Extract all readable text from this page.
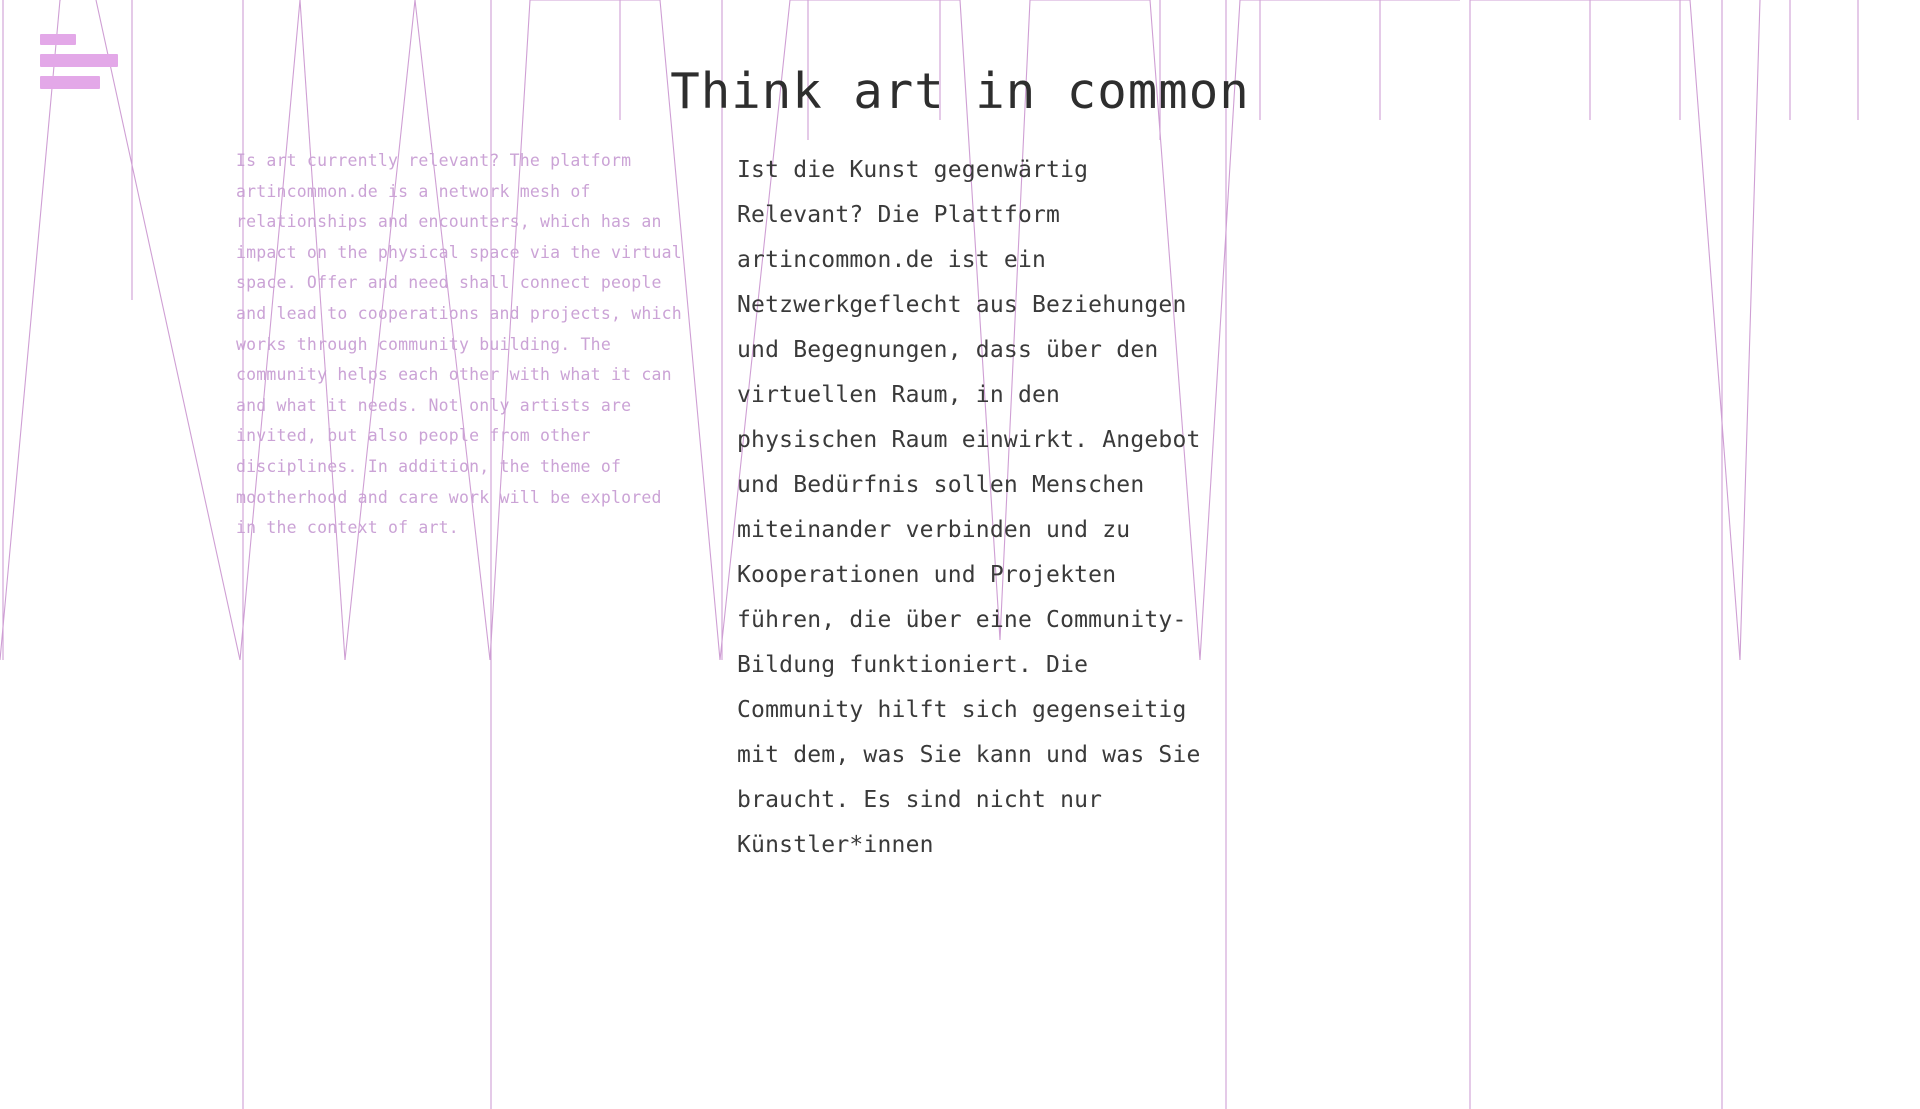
Think art in common
Is art currently relevant? The platform artincommon.de is a network mesh of relationships and encounters, which has an impact on the physical space via the virtual space. Offer and need shall connect people and lead to cooperations and projects, which works through community building. The community helps each other with what it can and what it needs. Not only artists are invited, but also people from other disciplines. In addition, the theme of mootherhood and care work will be explored in the context of art.
Ist die Kunst gegenwärtig Relevant? Die Plattform artincommon.de ist ein Netzwerkgeflecht aus Beziehungen und Begegnungen, dass über den virtuellen Raum, in den physischen Raum einwirkt. Angebot und Bedürfnis sollen Menschen miteinander verbinden und zu Kooperationen und Projekten führen, die über eine Community-Bildung funktioniert. Die Community hilft sich gegenseitig mit dem, was Sie kann und was Sie braucht. Es sind nicht nur Künstler*innen
